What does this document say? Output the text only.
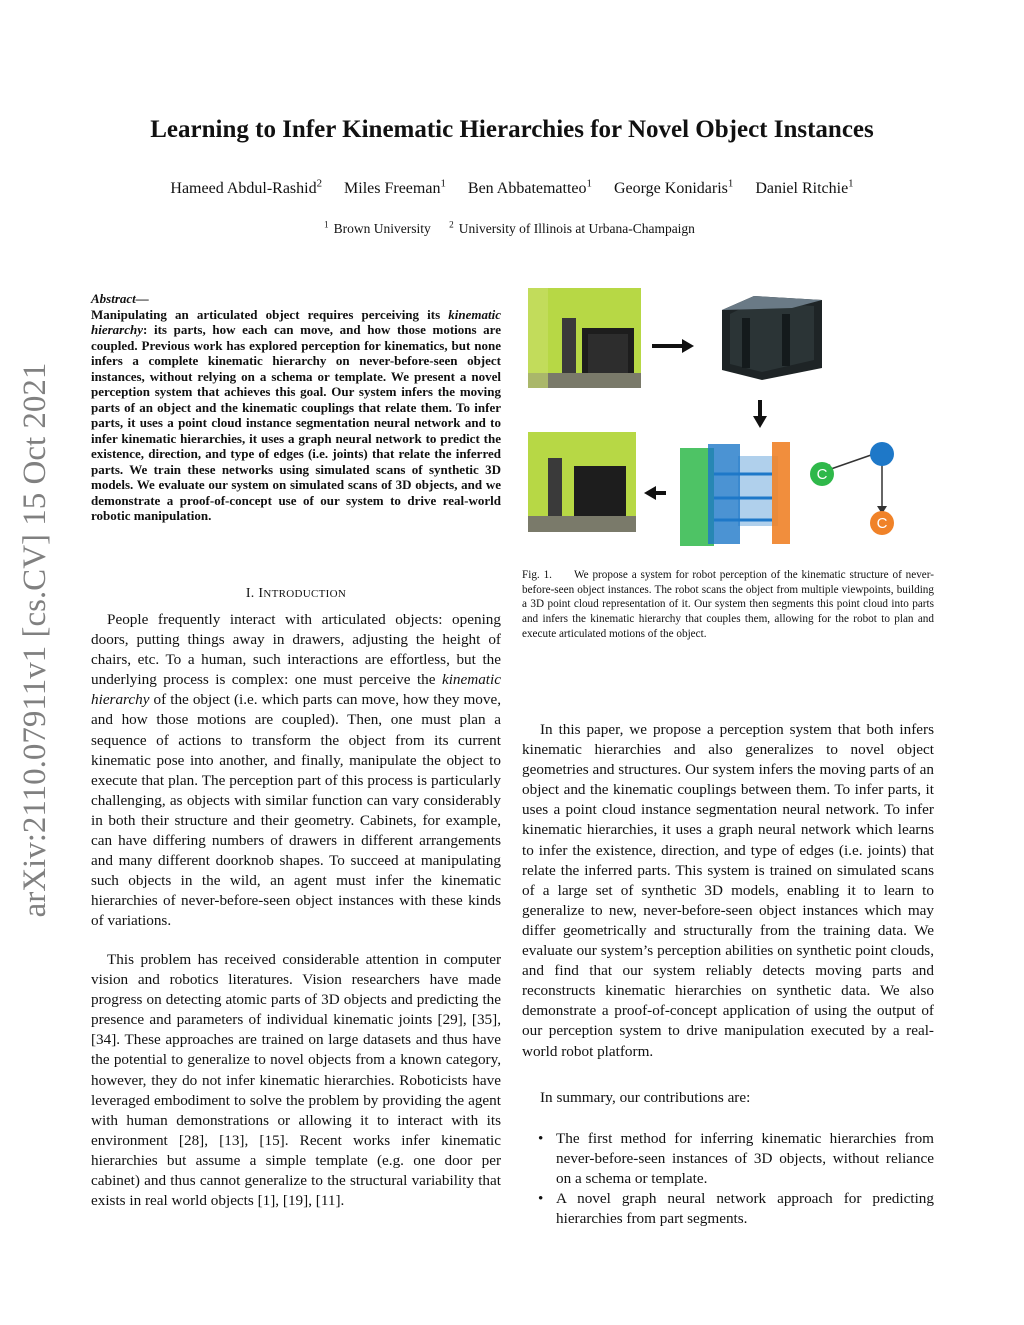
Learning to Infer Kinematic Hierarchies for Novel Object Instances
Hameed Abdul-Rashid$^2$ Miles Freeman$^1$ Ben Abbatematteo$^1$ George Konidaris$^1$ Daniel Ritchie$^1$
$^1$ Brown University $^2$ University of Illinois at Urbana-Champaign
arXiv:2110.07911v1 [cs.CV] 15 Oct 2021
Abstract—
Manipulating an articulated object requires perceiving its kinematic hierarchy: its parts, how each can move, and how those motions are coupled. Previous work has explored perception for kinematics, but none infers a complete kinematic hierarchy on never-before-seen object instances, without relying on a schema or template. We present a novel perception system that achieves this goal. Our system infers the moving parts of an object and the kinematic couplings that relate them. To infer parts, it uses a point cloud instance segmentation neural network and to infer kinematic hierarchies, it uses a graph neural network to predict the existence, direction, and type of edges (i.e. joints) that relate the inferred parts. We train these networks using simulated scans of synthetic 3D models. We evaluate our system on simulated scans of 3D objects, and we demonstrate a proof-of-concept use of our system to drive real-world robotic manipulation.
I. INTRODUCTION
People frequently interact with articulated objects: opening doors, putting things away in drawers, adjusting the height of chairs, etc. To a human, such interactions are effortless, but the underlying process is complex: one must perceive the kinematic hierarchy of the object (i.e. which parts can move, how they move, and how those motions are coupled). Then, one must plan a sequence of actions to transform the object from its current kinematic pose into another, and finally, manipulate the object to execute that plan. The perception part of this process is particularly challenging, as objects with similar function can vary considerably in both their structure and their geometry. Cabinets, for example, can have differing numbers of drawers in different arrangements and many different doorknob shapes. To succeed at manipulating such objects in the wild, an agent must infer the kinematic hierarchies of never-before-seen object instances with these kinds of variations.
This problem has received considerable attention in computer vision and robotics literatures. Vision researchers have made progress on detecting atomic parts of 3D objects and predicting the presence and parameters of individual kinematic joints [29], [35], [34]. These approaches are trained on large datasets and thus have the potential to generalize to novel objects from a known category, however, they do not infer kinematic hierarchies. Roboticists have leveraged embodiment to solve the problem by providing the agent with human demonstrations or allowing it to interact with its environment [28], [13], [15]. Recent works infer kinematic hierarchies but assume a simple template (e.g. one door per cabinet) and thus cannot generalize to the structural variability that exists in real world objects [1], [19], [11].
C
C
Fig. 1. We propose a system for robot perception of the kinematic structure of never-before-seen object instances. The robot scans the object from multiple viewpoints, building a 3D point cloud representation of it. Our system then segments this point cloud into parts and infers the kinematic hierarchy that couples them, allowing for the robot to plan and execute articulated motions of the object.
In this paper, we propose a perception system that both infers kinematic hierarchies and also generalizes to novel object geometries and structures. Our system infers the moving parts of an object and the kinematic couplings between them. To infer parts, it uses a point cloud instance segmentation neural network. To infer kinematic hierarchies, it uses a graph neural network which learns to infer the existence, direction, and type of edges (i.e. joints) that relate the inferred parts. This system is trained on simulated scans of a large set of synthetic 3D models, enabling it to learn to generalize to new, never-before-seen object instances which may differ geometrically and structurally from the training data. We evaluate our system’s perception abilities on synthetic point clouds, and find that our system reliably detects moving parts and reconstructs kinematic hierarchies on synthetic data. We also demonstrate a proof-of-concept application of using the output of our perception system to drive manipulation executed by a real-world robot platform.
In summary, our contributions are:
• The first method for inferring kinematic hierarchies from never-before-seen instances of 3D objects, without reliance on a schema or template.
• A novel graph neural network approach for predicting hierarchies from part segments.
